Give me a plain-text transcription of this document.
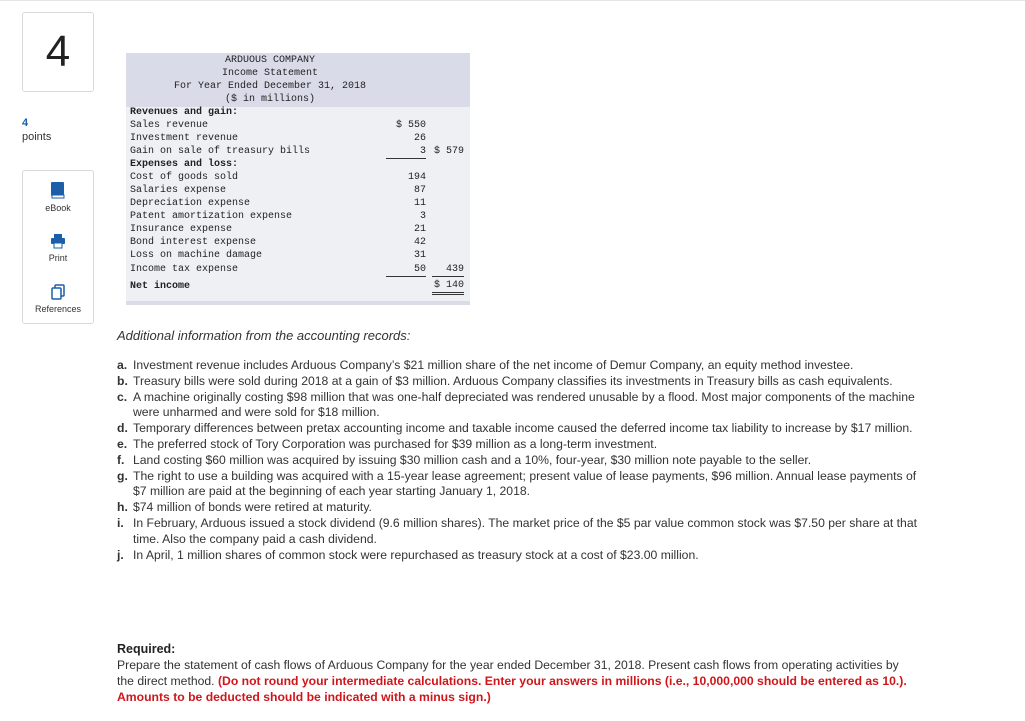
4
4
points
eBook
Print
References
ARDUOUS COMPANY
Income Statement
For Year Ended December 31, 2018
($ in millions)
Revenues and gain:
Sales revenue	$ 550
Investment revenue	26
Gain on sale of treasury bills	3 $ 579
Expenses and loss:
Cost of goods sold	194
Salaries expense	87
Depreciation expense	11
Patent amortization expense	3
Insurance expense	21
Bond interest expense	42
Loss on machine damage	31
Income tax expense	50	439
Net income	$ 140
Additional information from the accounting records:
a. Investment revenue includes Arduous Company’s $21 million share of the net income of Demur Company, an equity method investee.
b. Treasury bills were sold during 2018 at a gain of $3 million. Arduous Company classifies its investments in Treasury bills as cash equivalents.
c. A machine originally costing $98 million that was one-half depreciated was rendered unusable by a flood. Most major components of the machine were unharmed and were sold for $18 million.
d. Temporary differences between pretax accounting income and taxable income caused the deferred income tax liability to increase by $17 million.
e. The preferred stock of Tory Corporation was purchased for $39 million as a long-term investment.
f. Land costing $60 million was acquired by issuing $30 million cash and a 10%, four-year, $30 million note payable to the seller.
g. The right to use a building was acquired with a 15-year lease agreement; present value of lease payments, $96 million. Annual lease payments of $7 million are paid at the beginning of each year starting January 1, 2018.
h. $74 million of bonds were retired at maturity.
i. In February, Arduous issued a stock dividend (9.6 million shares). The market price of the $5 par value common stock was $7.50 per share at that time. Also the company paid a cash dividend.
j. In April, 1 million shares of common stock were repurchased as treasury stock at a cost of $23.00 million.
Required:
Prepare the statement of cash flows of Arduous Company for the year ended December 31, 2018. Present cash flows from operating activities by the direct method. (Do not round your intermediate calculations. Enter your answers in millions (i.e., 10,000,000 should be entered as 10.). Amounts to be deducted should be indicated with a minus sign.)
